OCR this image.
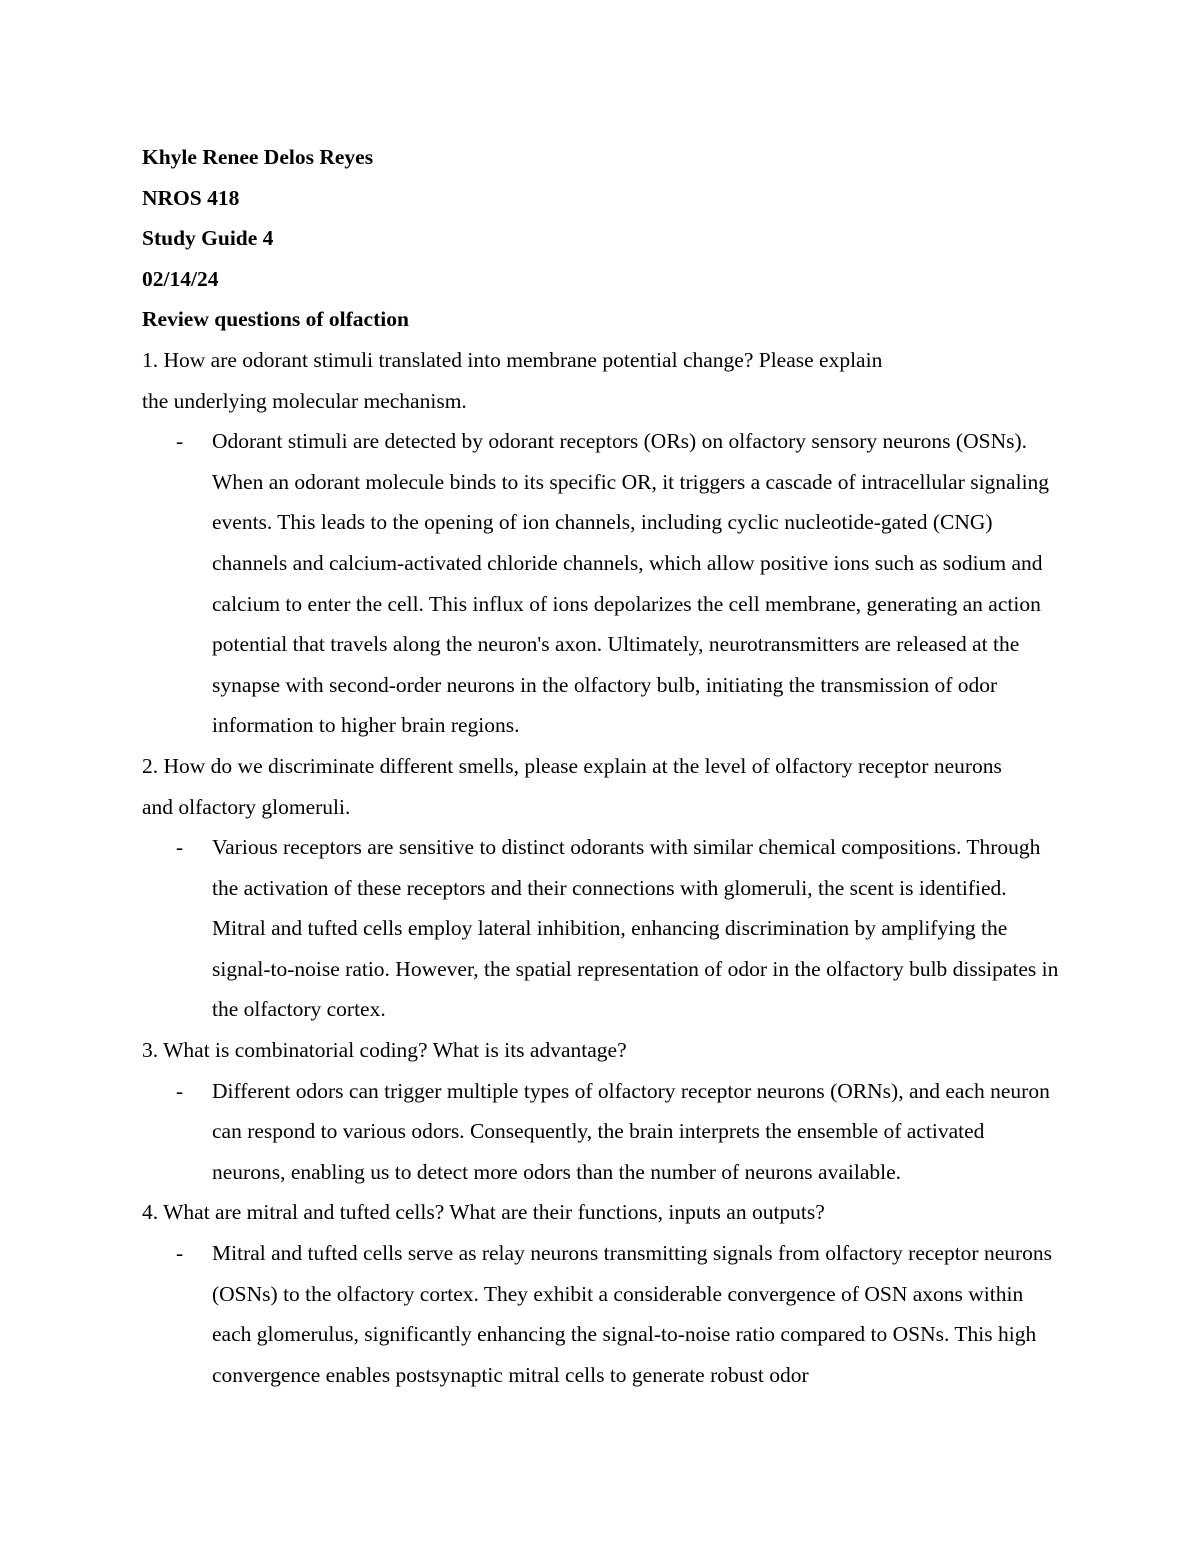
Khyle Renee Delos Reyes
NROS 418
Study Guide 4
02/14/24
Review questions of olfaction
1. How are odorant stimuli translated into membrane potential change? Please explain the underlying molecular mechanism.
- Odorant stimuli are detected by odorant receptors (ORs) on olfactory sensory neurons (OSNs). When an odorant molecule binds to its specific OR, it triggers a cascade of intracellular signaling events. This leads to the opening of ion channels, including cyclic nucleotide-gated (CNG) channels and calcium-activated chloride channels, which allow positive ions such as sodium and calcium to enter the cell. This influx of ions depolarizes the cell membrane, generating an action potential that travels along the neuron's axon. Ultimately, neurotransmitters are released at the synapse with second-order neurons in the olfactory bulb, initiating the transmission of odor information to higher brain regions.
2. How do we discriminate different smells, please explain at the level of olfactory receptor neurons and olfactory glomeruli.
- Various receptors are sensitive to distinct odorants with similar chemical compositions. Through the activation of these receptors and their connections with glomeruli, the scent is identified. Mitral and tufted cells employ lateral inhibition, enhancing discrimination by amplifying the signal-to-noise ratio. However, the spatial representation of odor in the olfactory bulb dissipates in the olfactory cortex.
3. What is combinatorial coding? What is its advantage?
- Different odors can trigger multiple types of olfactory receptor neurons (ORNs), and each neuron can respond to various odors. Consequently, the brain interprets the ensemble of activated neurons, enabling us to detect more odors than the number of neurons available.
4. What are mitral and tufted cells? What are their functions, inputs an outputs?
- Mitral and tufted cells serve as relay neurons transmitting signals from olfactory receptor neurons (OSNs) to the olfactory cortex. They exhibit a considerable convergence of OSN axons within each glomerulus, significantly enhancing the signal-to-noise ratio compared to OSNs. This high convergence enables postsynaptic mitral cells to generate robust odor
